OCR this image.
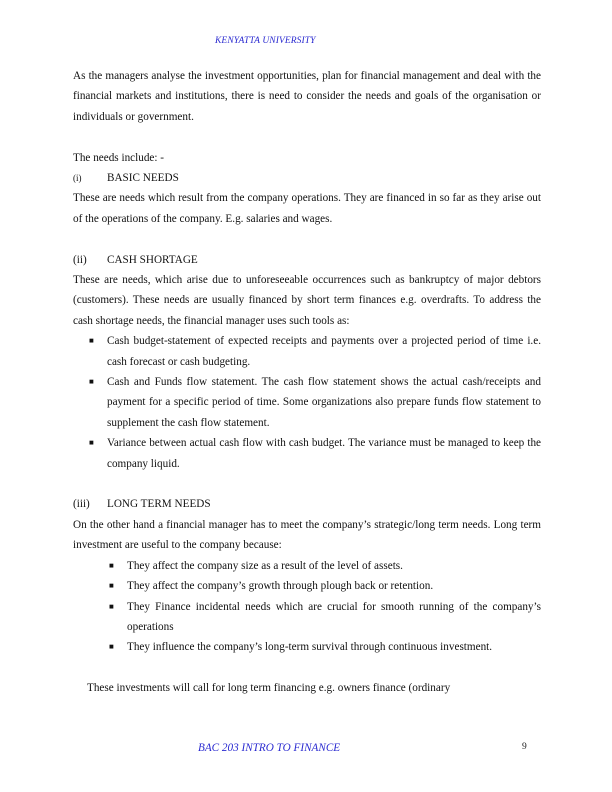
KENYATTA UNIVERSITY

As the managers analyse the investment opportunities, plan for financial management and deal with the financial markets and institutions, there is need to consider the needs and goals of the organisation or individuals or government.

The needs include: -

(i)	BASIC NEEDS

These are needs which result from the company operations. They are financed in so far as they arise out of the operations of the company. E.g. salaries and wages.

(ii)	CASH SHORTAGE

These are needs, which arise due to unforeseeable occurrences such as bankruptcy of major debtors (customers). These needs are usually financed by short term finances e.g. overdrafts. To address the cash shortage needs, the financial manager uses such tools as:

■ Cash budget-statement of expected receipts and payments over a projected period of time i.e. cash forecast or cash budgeting.
■ Cash and Funds flow statement. The cash flow statement shows the actual cash/receipts and payment for a specific period of time. Some organizations also prepare funds flow statement to supplement the cash flow statement.
■ Variance between actual cash flow with cash budget. The variance must be managed to keep the company liquid.
(iii)	LONG TERM NEEDS

On the other hand a financial manager has to meet the company’s strategic/long term needs. Long term investment are useful to the company because:

■ They affect the company size as a result of the level of assets.
■ They affect the company’s growth through plough back or retention.
■ They Finance incidental needs which are crucial for smooth running of the company’s operations
■ They influence the company’s long-term survival through continuous investment.

These investments will call for long term financing e.g. owners finance (ordinary

BAC 203 INTRO TO FINANCE	9
